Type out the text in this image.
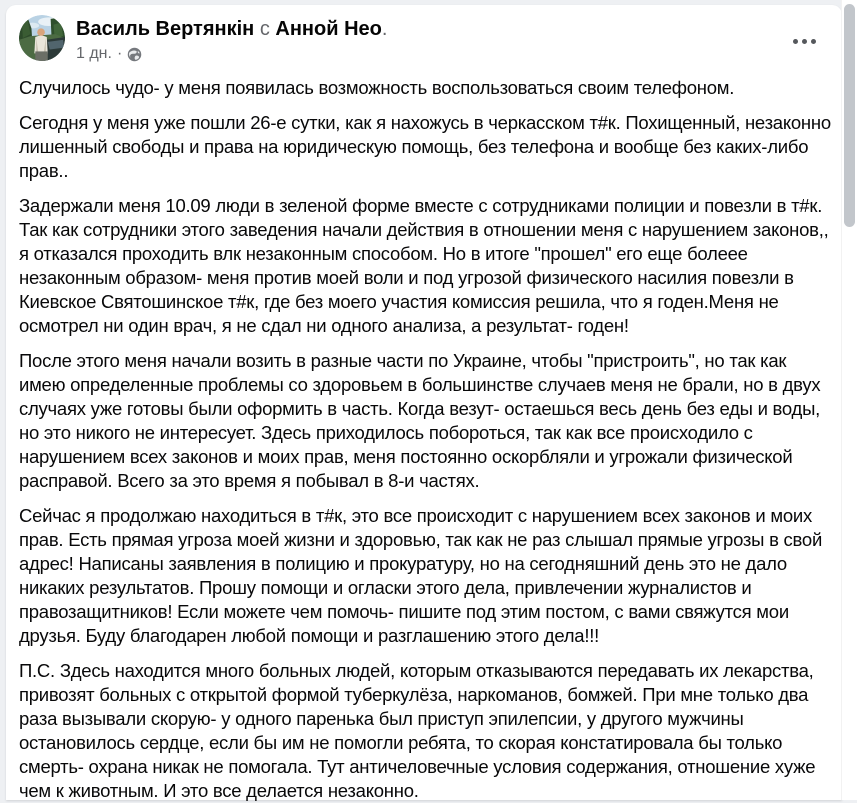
Василь Вертянкін с Анной Нео.
1 дн. ·

Случилось чудо- у меня появилась возможность воспользоваться своим телефоном.

Сегодня у меня уже пошли 26-е сутки, как я нахожусь в черкасском т#к. Похищенный, незаконно лишенный свободы и права на юридическую помощь, без телефона и вообще без каких-либо прав..

Задержали меня 10.09 люди в зеленой форме вместе с сотрудниками полиции и повезли в т#к. Так как сотрудники этого заведения начали действия в отношении меня с нарушением законов,, я отказался проходить влк незаконным способом. Но в итоге "прошел" его еще болеее незаконным образом- меня против моей воли и под угрозой физического насилия повезли в Киевское Святошинское т#к, где без моего участия комиссия решила, что я годен.Меня не осмотрел ни один врач, я не сдал ни одного анализа, а результат- годен!

После этого меня начали возить в разные части по Украине, чтобы "пристроить", но так как имею определенные проблемы со здоровьем в большинстве случаев меня не брали, но в двух случаях уже готовы были оформить в часть. Когда везут- остаешься весь день без еды и воды, но это никого не интересует. Здесь приходилось побороться, так как все происходило с нарушением всех законов и моих прав, меня постоянно оскорбляли и угрожали физической расправой. Всего за это время я побывал в 8-и частях.

Сейчас я продолжаю находиться в т#к, это все происходит с нарушением всех законов и моих прав. Есть прямая угроза моей жизни и здоровью, так как не раз слышал прямые угрозы в свой адрес! Написаны заявления в полицию и прокуратуру, но на сегодняшний день это не дало никаких результатов. Прошу помощи и огласки этого дела, привлечении журналистов и правозащитников! Если можете чем помочь- пишите под этим постом, с вами свяжутся мои друзья. Буду благодарен любой помощи и разглашению этого дела!!!

П.С. Здесь находится много больных людей, которым отказываются передавать их лекарства, привозят больных с открытой формой туберкулёза, наркоманов, бомжей. При мне только два раза вызывали скорую- у одного паренька был приступ эпилепсии, у другого мужчины остановилось сердце, если бы им не помогли ребята, то скорая констатировала бы только смерть- охрана никак не помогала. Тут античеловечные условия содержания, отношение хуже чем к животным. И это все делается незаконно.
